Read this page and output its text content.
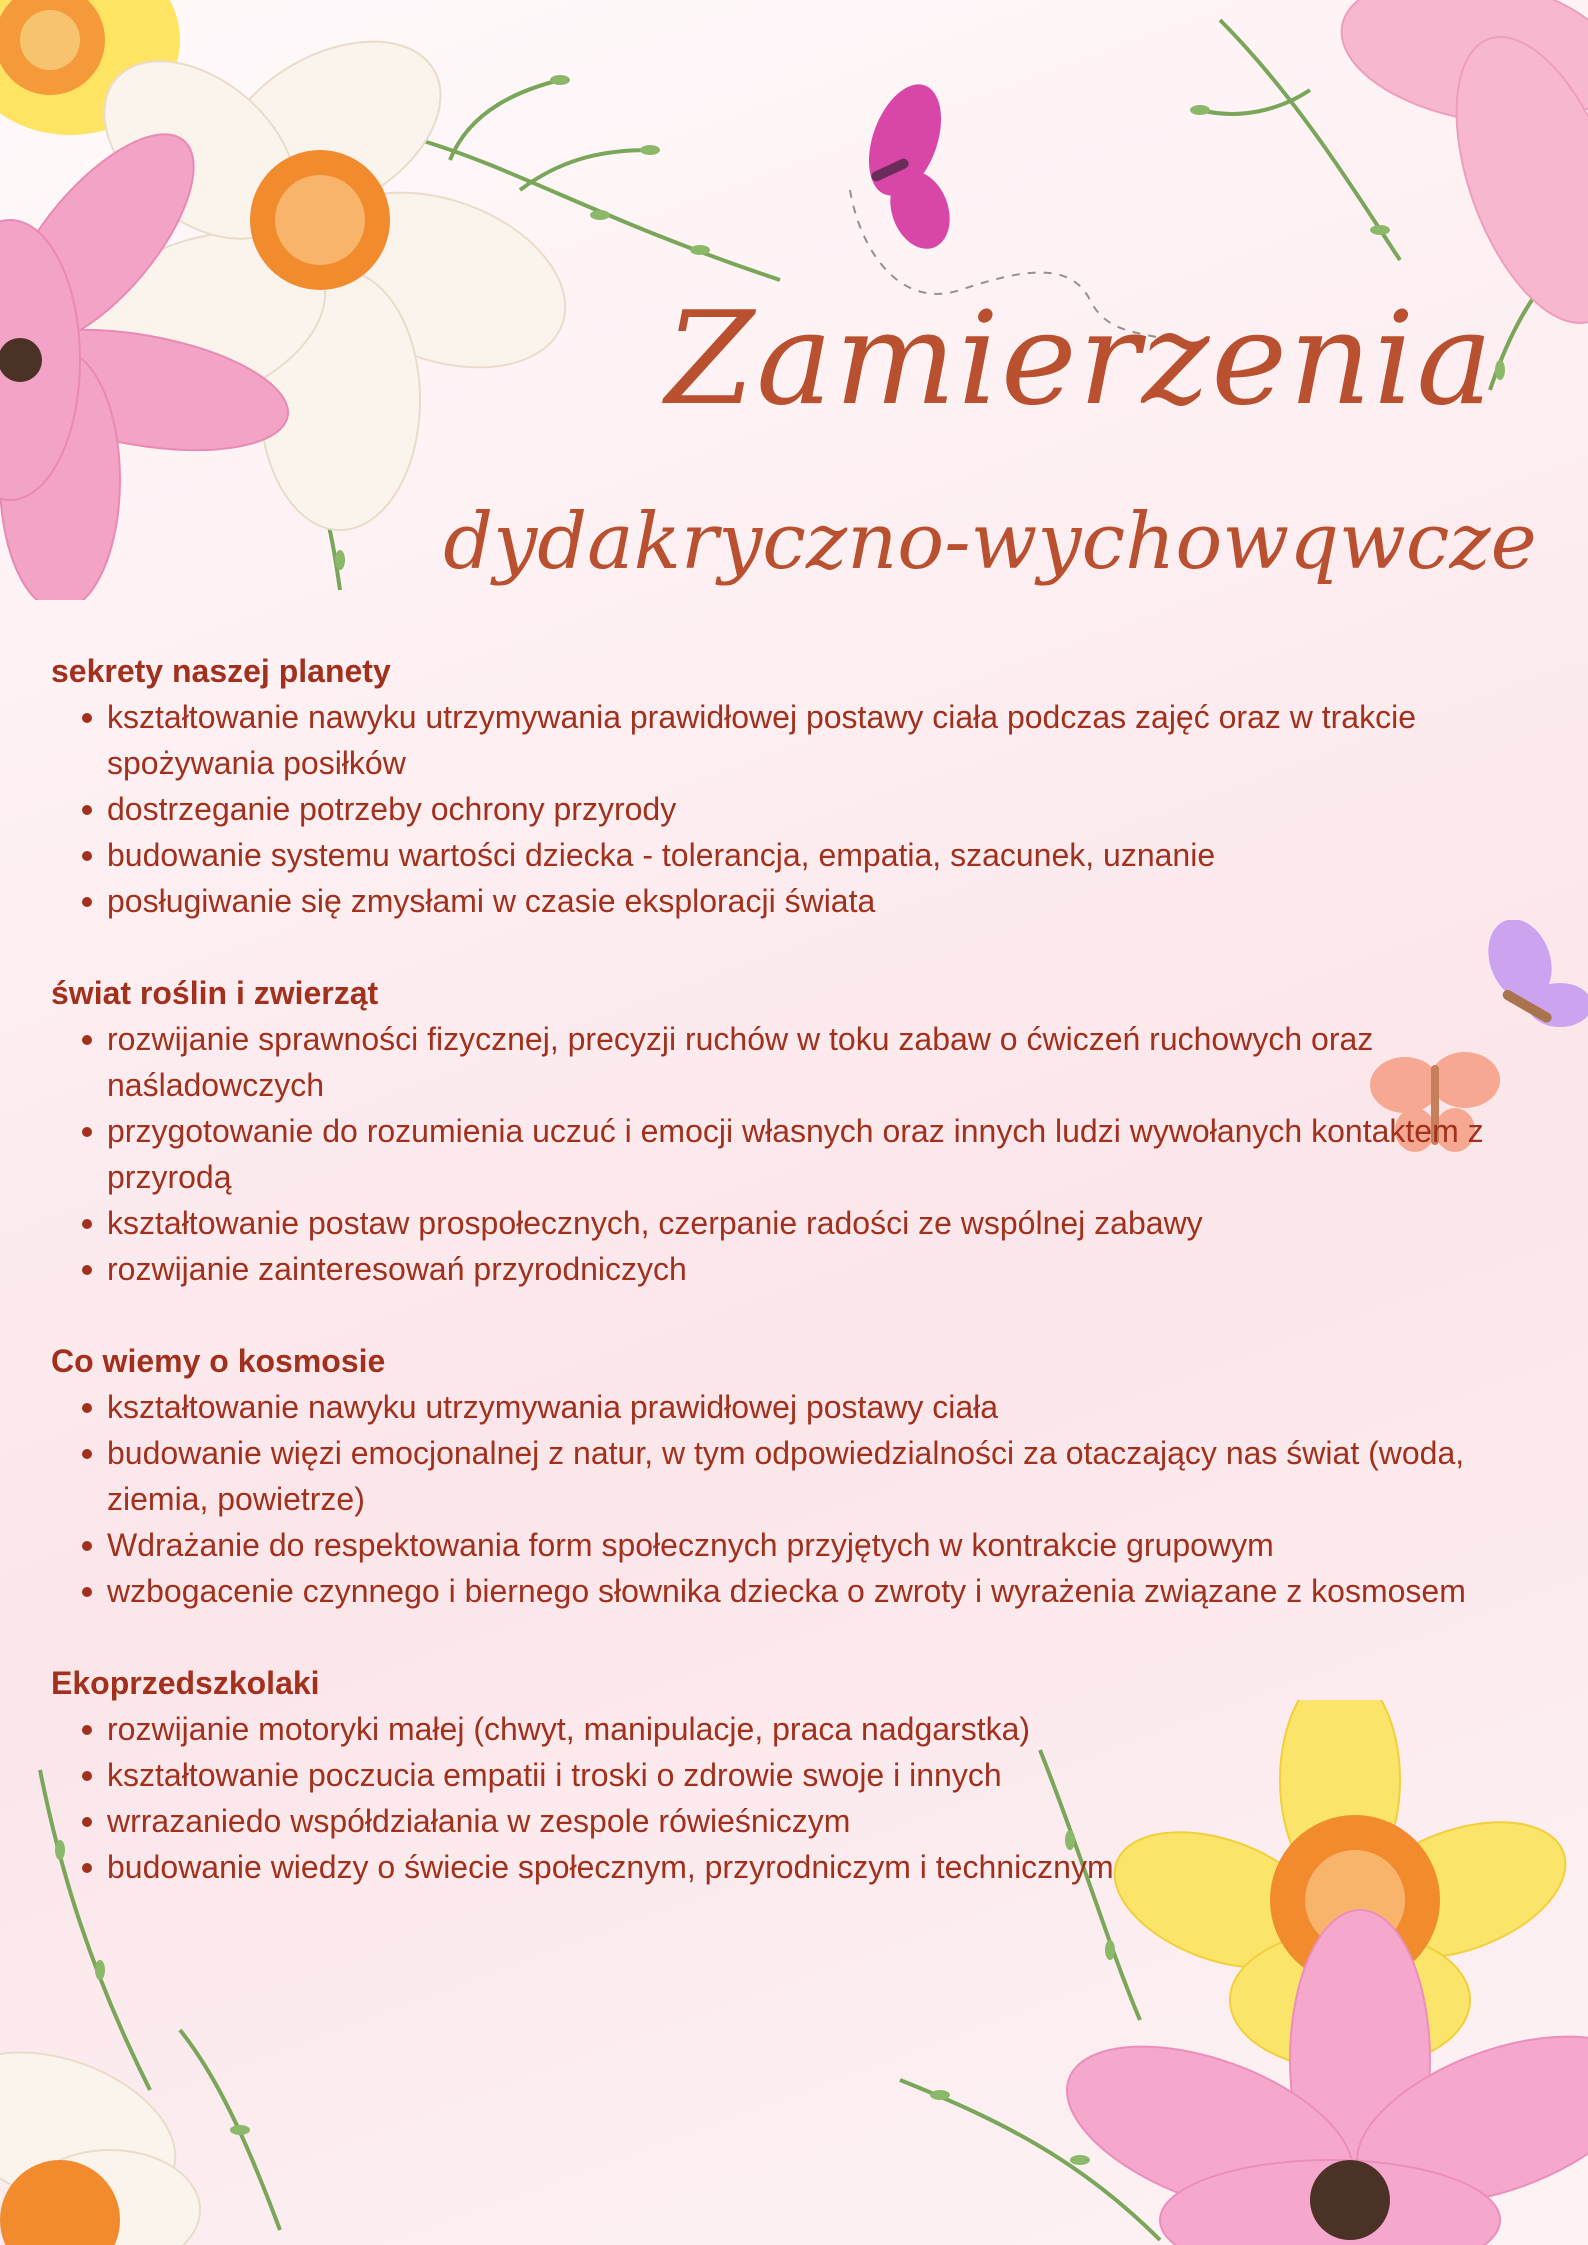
Zamierzenia
dydakryczno-wychowqwcze
sekrety naszej planety
kształtowanie nawyku utrzymywania prawidłowej postawy ciała podczas zajęć oraz w trakcie spożywania posiłków
dostrzeganie potrzeby ochrony przyrody
budowanie systemu wartości dziecka - tolerancja, empatia, szacunek, uznanie
posługiwanie się zmysłami w czasie eksploracji świata
świat roślin i zwierząt
rozwijanie sprawności fizycznej, precyzji ruchów w toku zabaw o ćwiczeń ruchowych oraz naśladowczych
przygotowanie do rozumienia uczuć i emocji własnych oraz innych ludzi wywołanych kontaktem z przyrodą
kształtowanie postaw prospołecznych, czerpanie radości ze wspólnej zabawy
rozwijanie zainteresowań przyrodniczych
Co wiemy o kosmosie
kształtowanie nawyku utrzymywania prawidłowej postawy ciała
budowanie więzi emocjonalnej z natur, w tym odpowiedzialności za otaczający nas świat (woda, ziemia, powietrze)
Wdrażanie do respektowania form społecznych przyjętych w kontrakcie grupowym
wzbogacenie czynnego i biernego słownika dziecka o zwroty i wyrażenia związane z kosmosem
Ekoprzedszkolaki
rozwijanie motoryki małej (chwyt, manipulacje, praca nadgarstka)
kształtowanie poczucia empatii i troski o zdrowie swoje i innych
wrrazaniedo współdziałania w zespole rówieśniczym
budowanie wiedzy o świecie społecznym, przyrodniczym i technicznym
